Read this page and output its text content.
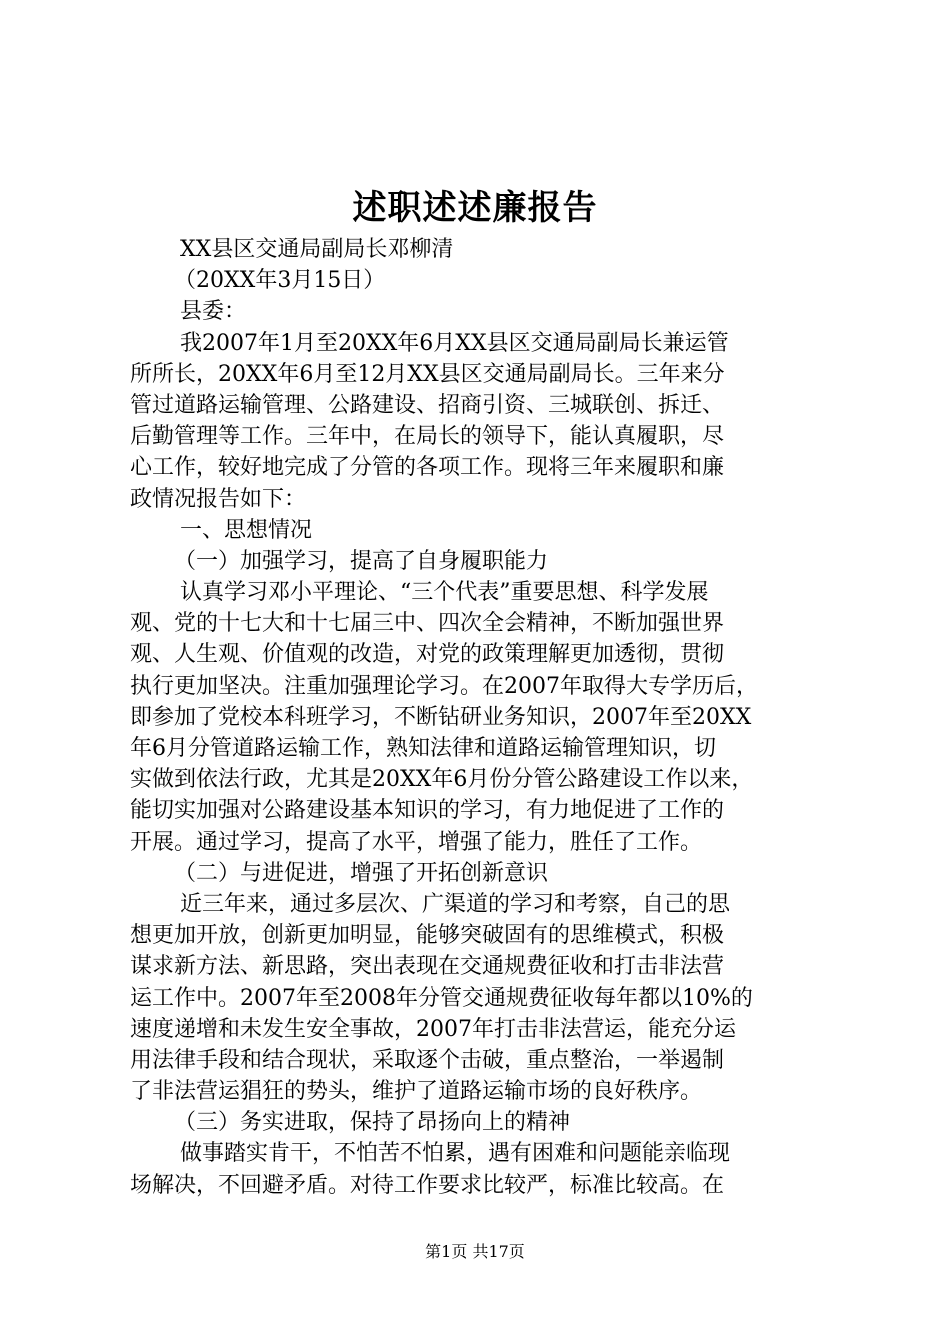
述职述述廉报告
XX县区交通局副局长邓柳清
（20XX年3月15日）
县委：
我2007年1月至20XX年6月XX县区交通局副局长兼运管
所所长，20XX年6月至12月XX县区交通局副局长。三年来分
管过道路运输管理、公路建设、招商引资、三城联创、拆迁、
后勤管理等工作。三年中，在局长的领导下，能认真履职，尽
心工作，较好地完成了分管的各项工作。现将三年来履职和廉
政情况报告如下：
一、思想情况
（一）加强学习，提高了自身履职能力
认真学习邓小平理论、“三个代表”重要思想、科学发展
观、党的十七大和十七届三中、四次全会精神，不断加强世界
观、人生观、价值观的改造，对党的政策理解更加透彻，贯彻
执行更加坚决。注重加强理论学习。在2007年取得大专学历后，
即参加了党校本科班学习，不断钻研业务知识，2007年至20XX
年6月分管道路运输工作，熟知法律和道路运输管理知识，切
实做到依法行政，尤其是20XX年6月份分管公路建设工作以来，
能切实加强对公路建设基本知识的学习，有力地促进了工作的
开展。通过学习，提高了水平，增强了能力，胜任了工作。
（二）与进促进，增强了开拓创新意识
近三年来，通过多层次、广渠道的学习和考察，自己的思
想更加开放，创新更加明显，能够突破固有的思维模式，积极
谋求新方法、新思路，突出表现在交通规费征收和打击非法营
运工作中。2007年至2008年分管交通规费征收每年都以10%的
速度递增和未发生安全事故，2007年打击非法营运，能充分运
用法律手段和结合现状，采取逐个击破，重点整治，一举遏制
了非法营运猖狂的势头，维护了道路运输市场的良好秩序。
（三）务实进取，保持了昂扬向上的精神
做事踏实肯干，不怕苦不怕累，遇有困难和问题能亲临现
场解决，不回避矛盾。对待工作要求比较严，标准比较高。在
第1页 共17页
